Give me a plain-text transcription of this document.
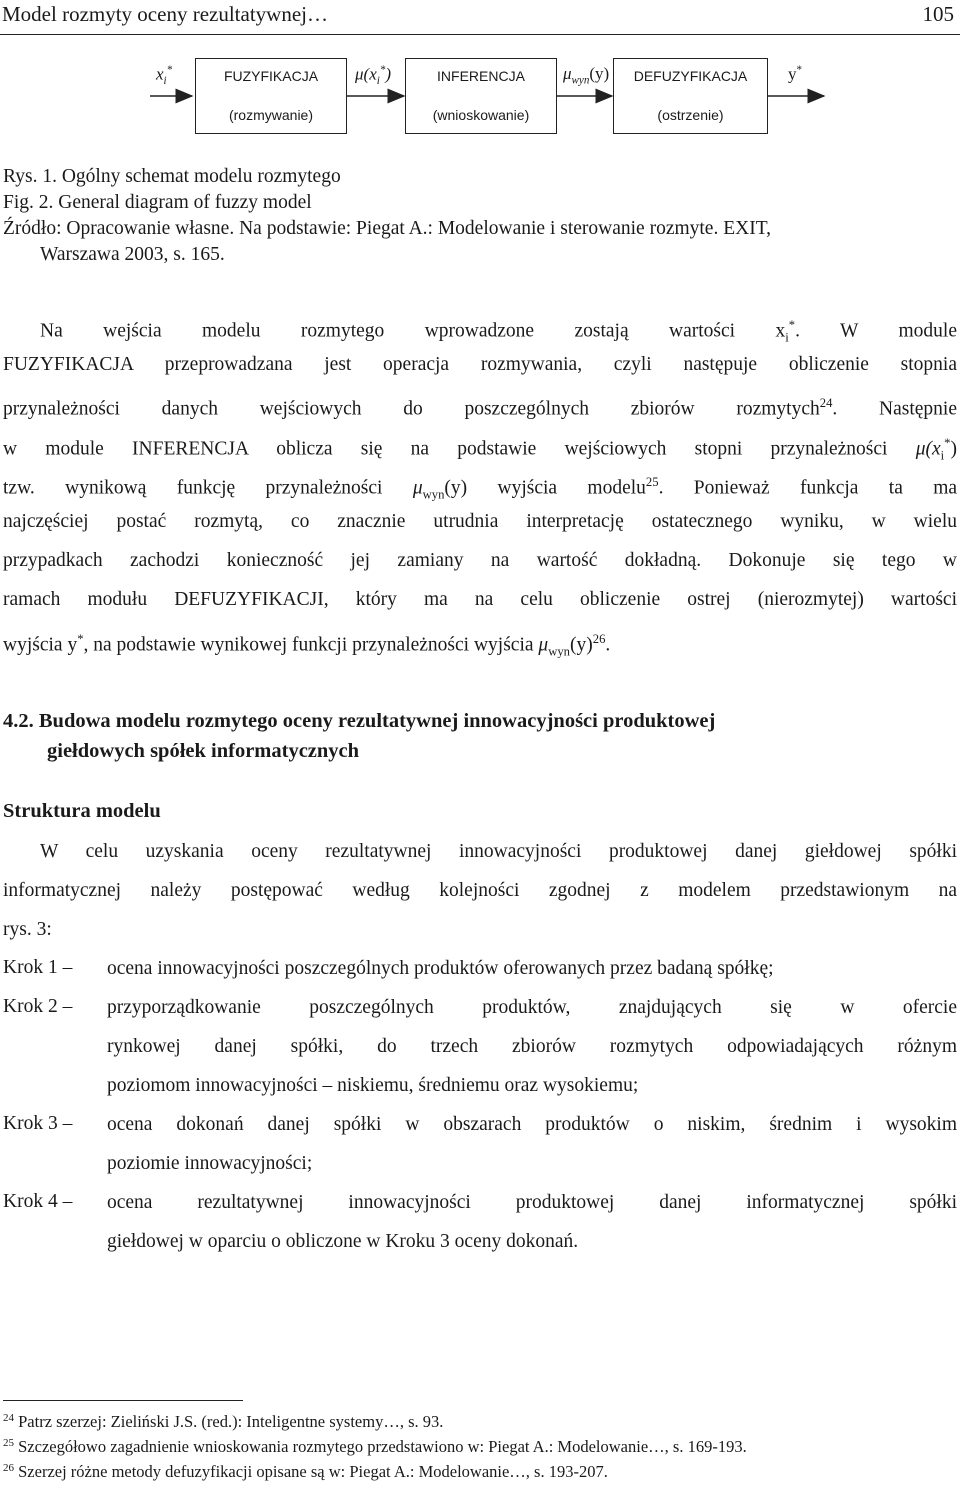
Model rozmyty oceny rezultatywnej…	105
$x_i^*$	FUZYFIKACJA
(rozmywanie)
$\mu(x_i^*)$	INFERENCJA
(wnioskowanie)
$\mu_{wyn}(y)$	DEFUZYFIKACJA
(ostrzenie)
y*
Rys. 1. Ogólny schemat modelu rozmytego
Fig. 2. General diagram of fuzzy model
Źródło: Opracowanie własne. Na podstawie: Piegat A.: Modelowanie i sterowanie rozmyte. EXIT,
Warszawa 2003, s. 165.
Na wejścia modelu rozmytego wprowadzone zostają wartości $x_i^*$. W module
FUZYFIKACJA przeprowadzana jest operacja rozmywania, czyli następuje obliczenie stopnia
przynależności danych wejściowych do poszczególnych zbiorów rozmytych$^{24}$. Następnie
w module INFERENCJA oblicza się na podstawie wejściowych stopni przynależności $\mu(x_i^*)$
tzw. wynikową funkcję przynależności $\mu_{wyn}(y)$ wyjścia modelu$^{25}$. Ponieważ funkcja ta ma
najczęściej postać rozmytą, co znacznie utrudnia interpretację ostatecznego wyniku, w wielu
przypadkach zachodzi konieczność jej zamiany na wartość dokładną. Dokonuje się tego w
ramach modułu DEFUZYFIKACJI, który ma na celu obliczenie ostrej (nierozmytej) wartości
wyjścia y*, na podstawie wynikowej funkcji przynależności wyjścia $\mu_{wyn}(y)^{26}$.
4.2. Budowa modelu rozmytego oceny rezultatywnej innowacyjności produktowej
giełdowych spółek informatycznych
Struktura modelu
W celu uzyskania oceny rezultatywnej innowacyjności produktowej danej giełdowej spółki
informatycznej należy postępować według kolejności zgodnej z modelem przedstawionym na
rys. 3:
Krok 1 – ocena innowacyjności poszczególnych produktów oferowanych przez badaną spółkę;
Krok 2 – przyporządkowanie poszczególnych produktów, znajdujących się w ofercie
rynkowej danej spółki, do trzech zbiorów rozmytych odpowiadających różnym
poziomom innowacyjności – niskiemu, średniemu oraz wysokiemu;
Krok 3 – ocena dokonań danej spółki w obszarach produktów o niskim, średnim i wysokim
poziomie innowacyjności;
Krok 4 – ocena rezultatywnej innowacyjności produktowej danej informatycznej spółki
giełdowej w oparciu o obliczone w Kroku 3 oceny dokonań.
$^{24}$ Patrz szerzej: Zieliński J.S. (red.): Inteligentne systemy…, s. 93.
$^{25}$ Szczegółowo zagadnienie wnioskowania rozmytego przedstawiono w: Piegat A.: Modelowanie…, s. 169-193.
$^{26}$ Szerzej różne metody defuzyfikacji opisane są w: Piegat A.: Modelowanie…, s. 193-207.
